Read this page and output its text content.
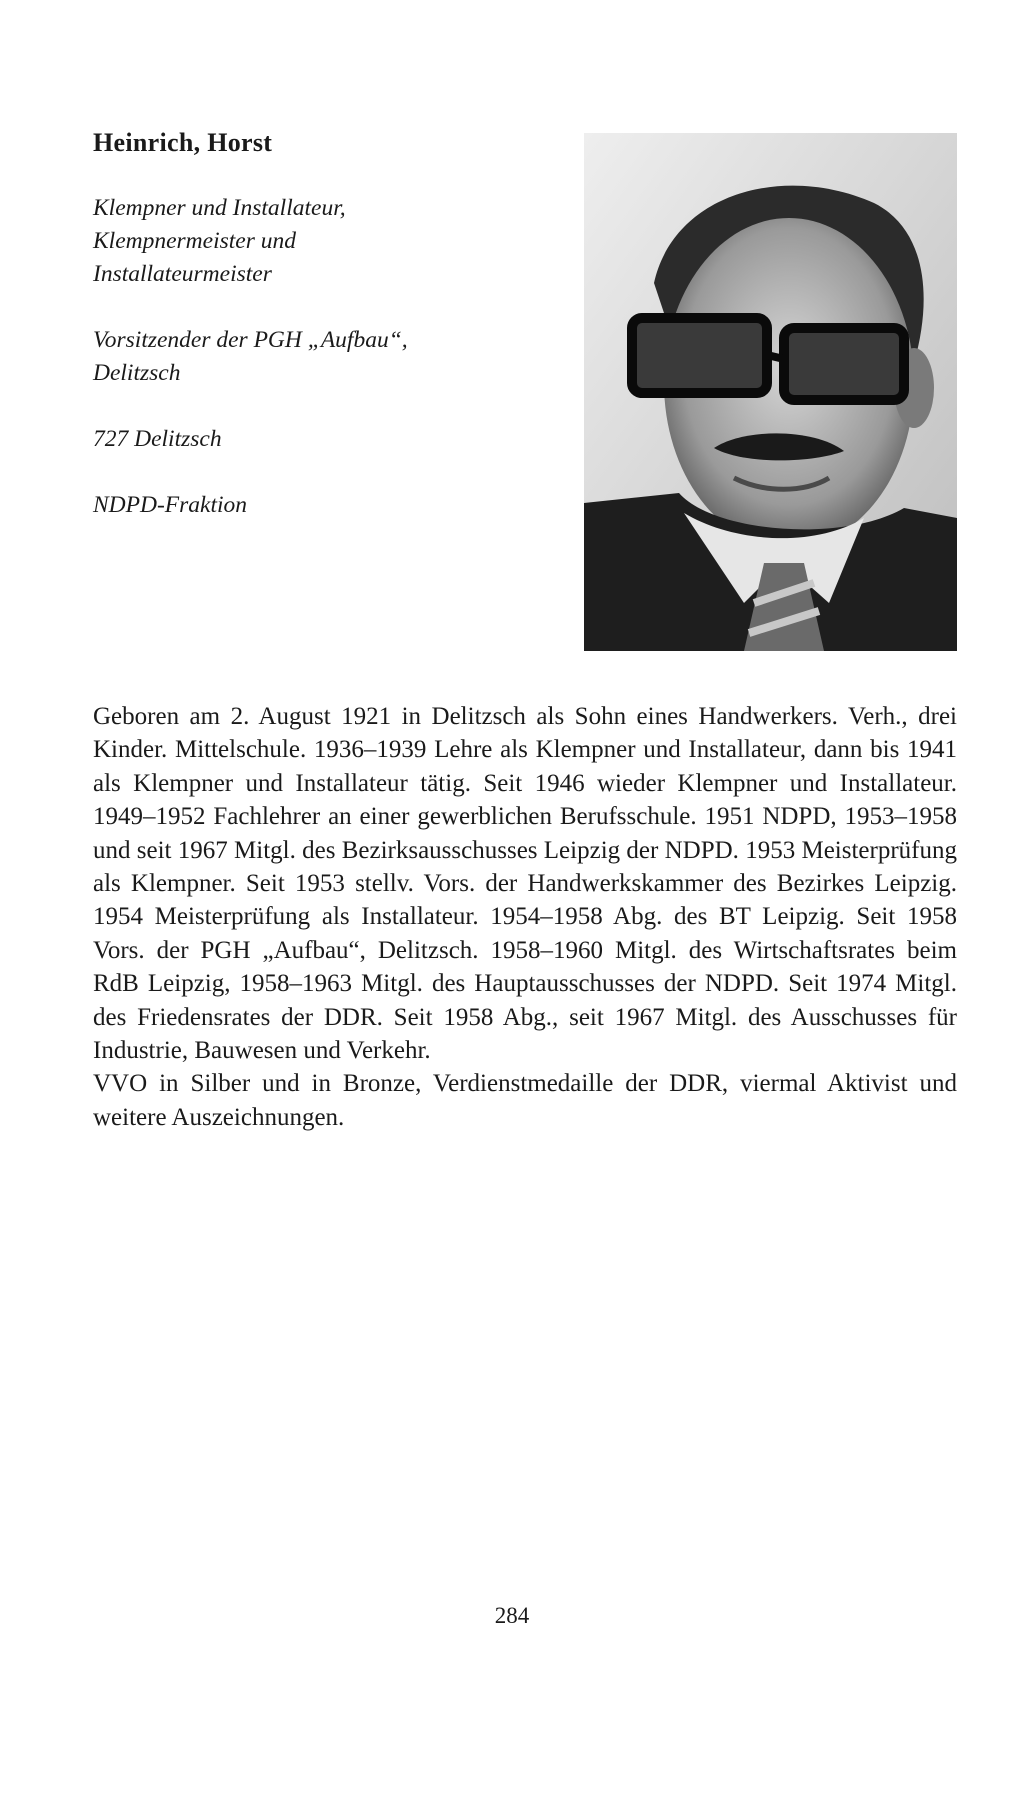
Heinrich, Horst

Klempner und Installateur,

Klempnermeister und

Installateurmeister

Vorsitzender der PGH „Aufbau“,

Delitzsch

727 Delitzsch

NDPD-Fraktion

Geboren am 2. August 1921 in Delitzsch als Sohn eines Handwerkers. Verh., drei Kinder. Mittelschule. 1936–1939 Lehre als Klempner und Installateur, dann bis 1941 als Klempner und Installateur tätig. Seit 1946 wieder Klempner und Installateur. 1949–1952 Fachlehrer an einer gewerblichen Berufsschule. 1951 NDPD, 1953–1958 und seit 1967 Mitgl. des Bezirksausschusses Leipzig der NDPD. 1953 Meisterprüfung als Klempner. Seit 1953 stellv. Vors. der Handwerkskammer des Bezirkes Leipzig. 1954 Meisterprüfung als Installateur. 1954–1958 Abg. des BT Leipzig. Seit 1958 Vors. der PGH „Aufbau“, Delitzsch. 1958–1960 Mitgl. des Wirtschaftsrates beim RdB Leipzig, 1958–1963 Mitgl. des Hauptausschusses der NDPD. Seit 1974 Mitgl. des Friedensrates der DDR. Seit 1958 Abg., seit 1967 Mitgl. des Ausschusses für Industrie, Bauwesen und Verkehr.

VVO in Silber und in Bronze, Verdienstmedaille der DDR, viermal Aktivist und weitere Auszeichnungen.

284
